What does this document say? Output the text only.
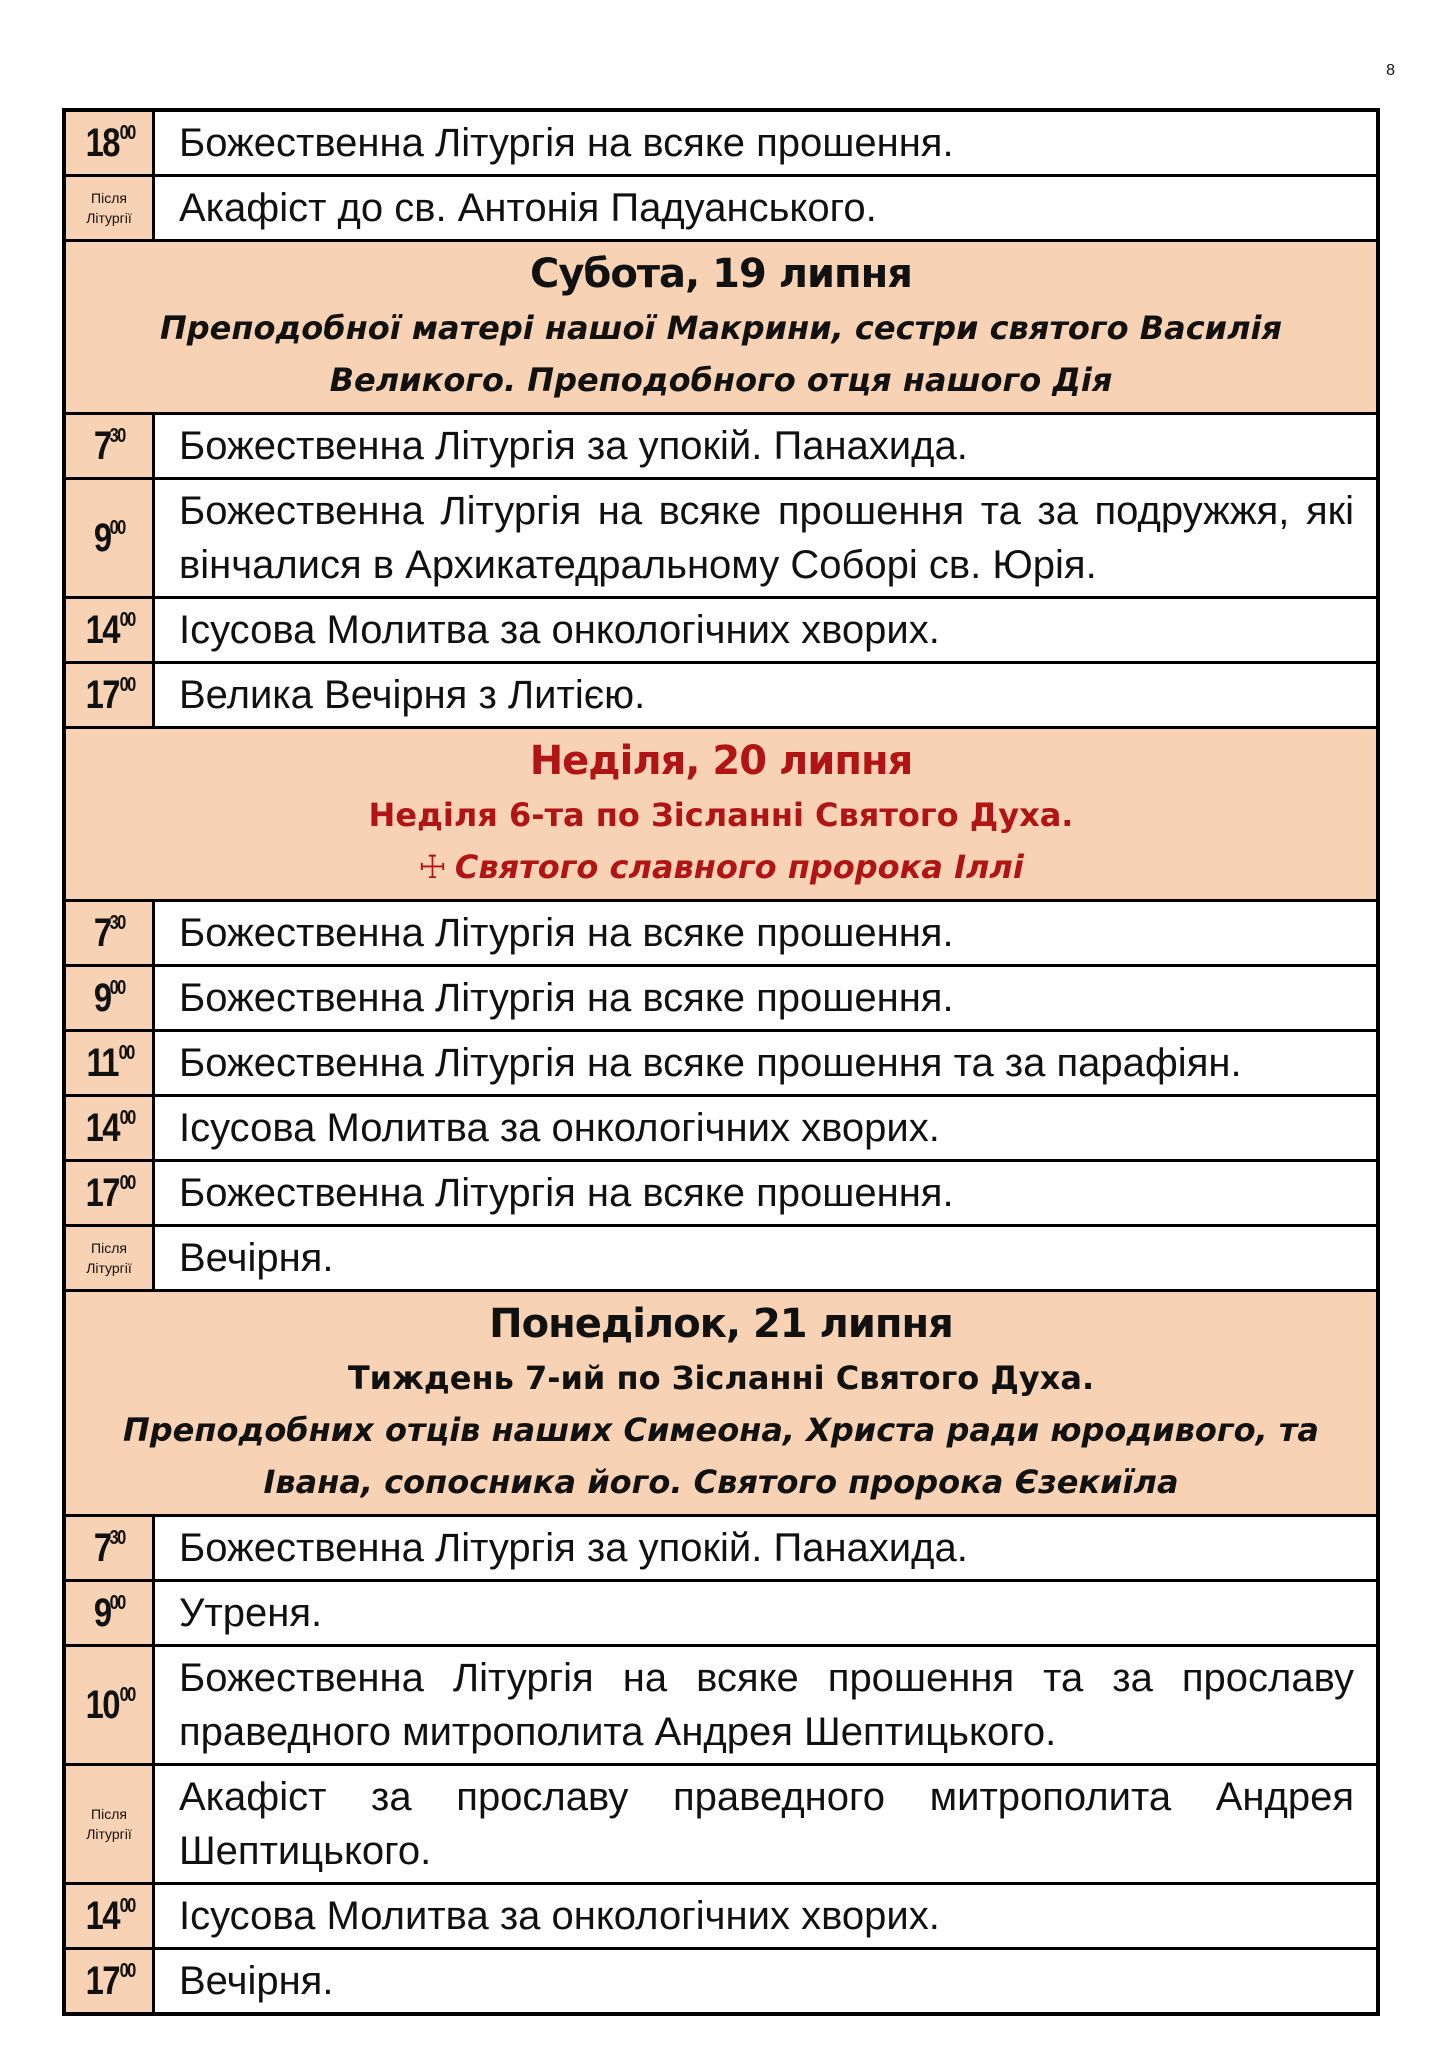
8
1800	Божественна Літургія на всяке прошення.

Після
Літургії	Акафіст до св. Антонія Падуанського.

Субота, 19 липня
Преподобної матері нашої Макрини, сестри святого Василія
Великого. Преподобного отця нашого Дія	

730	Божественна Літургія за упокій. Панахида.
900	Божественна Літургія на всяке прошення та за подружжя, які вінчалися в Архикатедральному Соборі св. Юрія.
1400	Ісусова Молитва за онкологічних хворих.
1700	Велика Вечірня з Литією.

Неділя, 20 липня
Неділя 6-та по Зісланні Святого Духа.
☩ Святого славного пророка Іллі	

730	Божественна Літургія на всяке прошення.
900	Божественна Літургія на всяке прошення.
1100	Божественна Літургія на всяке прошення та за парафіян.
1400	Ісусова Молитва за онкологічних хворих.
1700	Божественна Літургія на всяке прошення.

Після
Літургії	Вечірня.

Понеділок, 21 липня
Тиждень 7-ий по Зісланні Святого Духа.
Преподобних отців наших Симеона, Христа ради юродивого, та
Івана, сопосника його. Святого пророка Єзекиїла	

730	Божественна Літургія за упокій. Панахида.
900	Утреня.
1000	Божественна Літургія на всяке прошення та за прославу праведного митрополита Андрея Шептицького.

Після
Літургії	Акафіст за прославу праведного митрополита Андрея Шептицького.
1400	Ісусова Молитва за онкологічних хворих.
1700	Вечірня.
